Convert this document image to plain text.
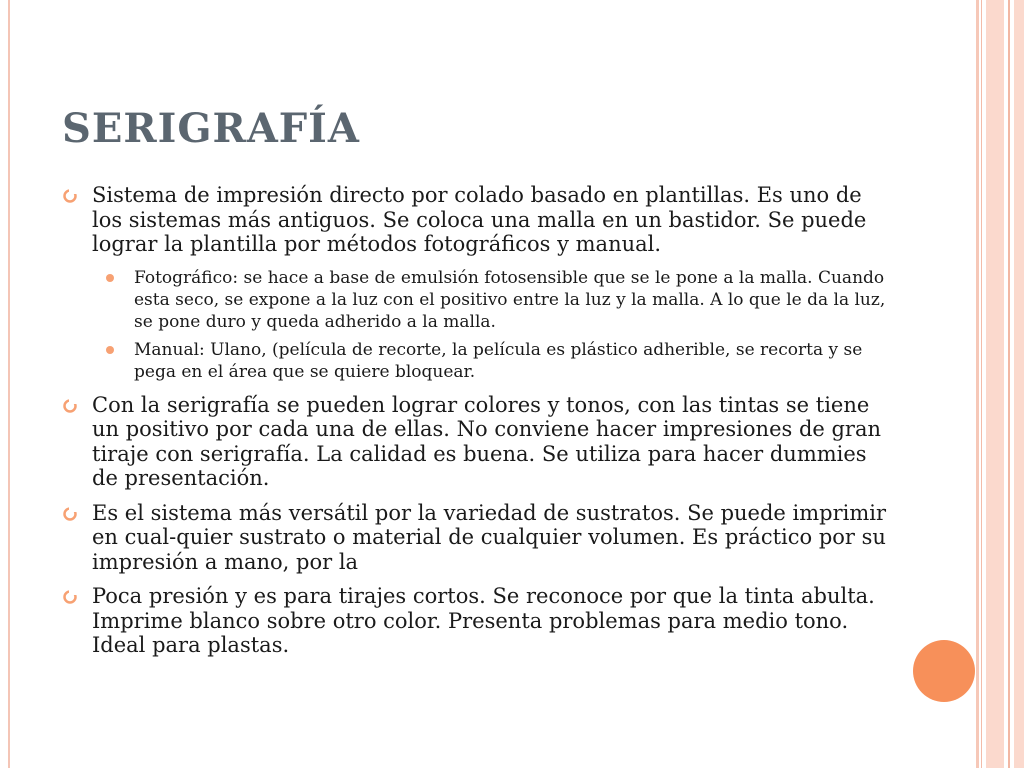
SERIGRAFÍA
Sistema de impresión directo por colado basado en plantillas. Es uno de los sistemas más antiguos. Se coloca una malla en un bastidor. Se puede lograr la plantilla por métodos fotográficos y manual.
Fotográfico: se hace a base de emulsión fotosensible que se le pone a la malla. Cuando esta seco, se expone a la luz con el positivo entre la luz y la malla. A lo que le da la luz, se pone duro y queda adherido a la malla.
Manual: Ulano, (película de recorte, la película es plástico adherible, se recorta y se pega en el área que se quiere bloquear.
Con la serigrafía se pueden lograr colores y tonos, con las tintas se tiene un positivo por cada una de ellas. No conviene hacer impresiones de gran tiraje con serigrafía. La calidad es buena. Se utiliza para hacer dummies de presentación.
Es el sistema más versátil por la variedad de sustratos. Se puede imprimir en cual-quier sustrato o material de cualquier volumen. Es práctico por su impresión a mano, por la
Poca presión y es para tirajes cortos. Se reconoce por que la tinta abulta. Imprime blanco sobre otro color. Presenta problemas para medio tono. Ideal para plastas.
